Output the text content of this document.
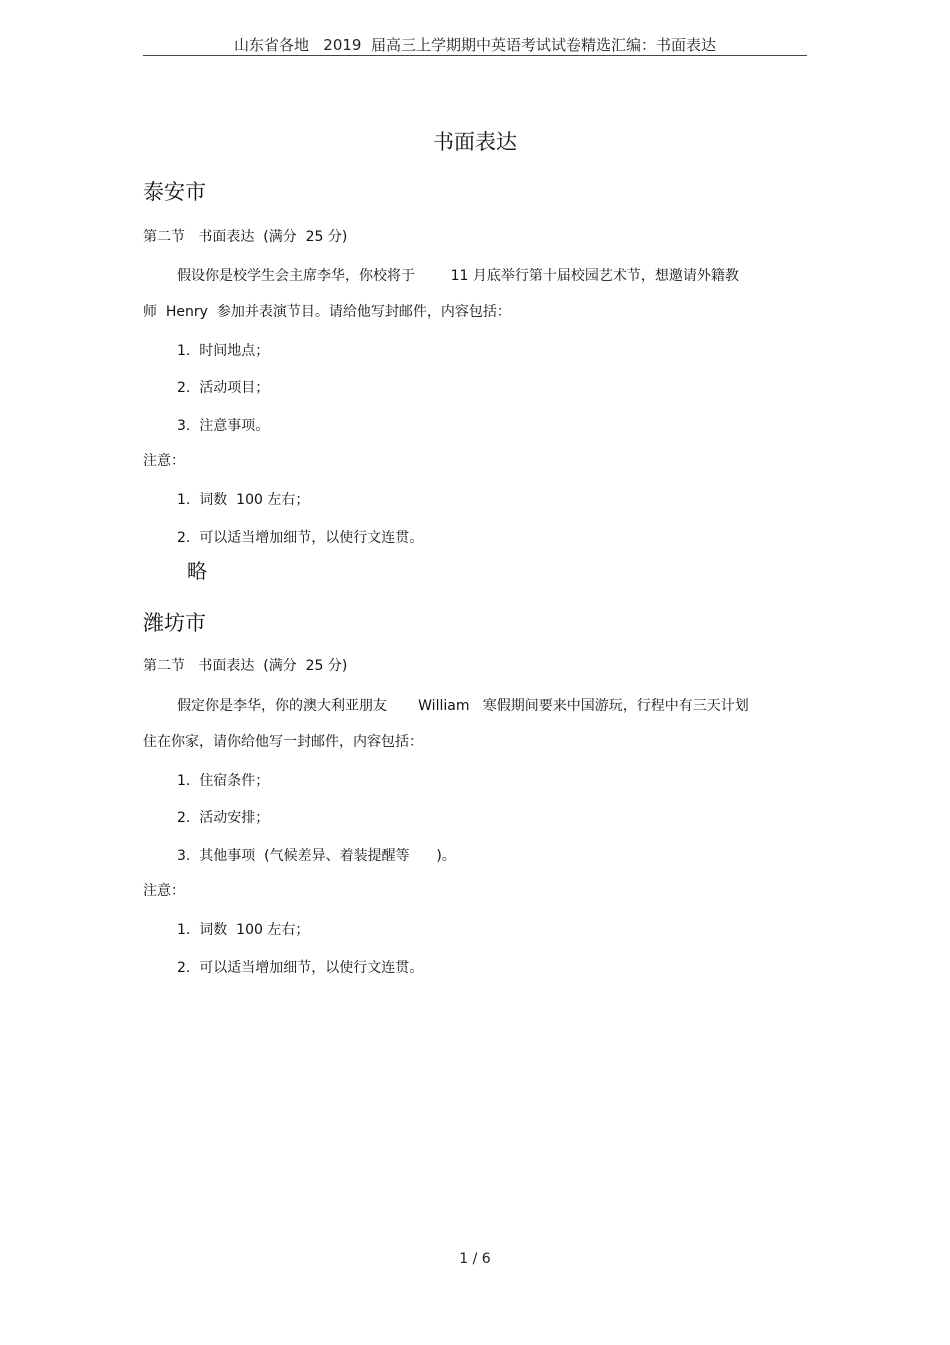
山东省各地   2019  届高三上学期期中英语考试试卷精选汇编：书面表达
书面表达
泰安市
第二节   书面表达  (满分  25 分)
假设你是校学生会主席李华，你校将于        11 月底举行第十届校园艺术节，想邀请外籍教
师  Henry  参加并表演节目。请给他写封邮件，内容包括：
1.  时间地点；
2.  活动项目；
3.  注意事项。
注意：
1.  词数  100 左右；
2.  可以适当增加细节，以使行文连贯。
略
潍坊市
第二节   书面表达  (满分  25 分)
假定你是李华，你的澳大利亚朋友       William   寒假期间要来中国游玩，行程中有三天计划
住在你家，请你给他写一封邮件，内容包括：
1.  住宿条件；
2.  活动安排；
3.  其他事项  (气候差异、着装提醒等      )。
注意：
1.  词数  100 左右；
2.  可以适当增加细节，以使行文连贯。
1 / 6
